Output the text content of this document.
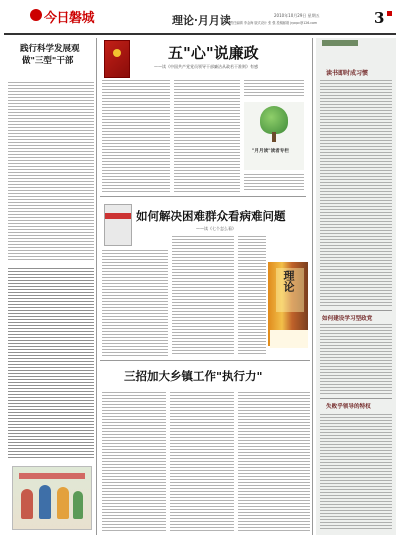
今日磐城
	理论·月月读	2010年10月29日 星期五
责任编辑 李金海 版式设计 张 强 投稿邮箱 jrpcpc@126.com	3
践行科学发展观
做"三型"干部	五"心"说廉政
——读《中国共产党党员领导干部廉洁从政若干准则》有感
"月月读"读者专栏
如何解决困难群众看病难问题
——读《七个怎么看》
理论
三招加大乡镇工作"执行力"
读书即时成习惯
如何建设学习型政党
失败乎领导的特权
